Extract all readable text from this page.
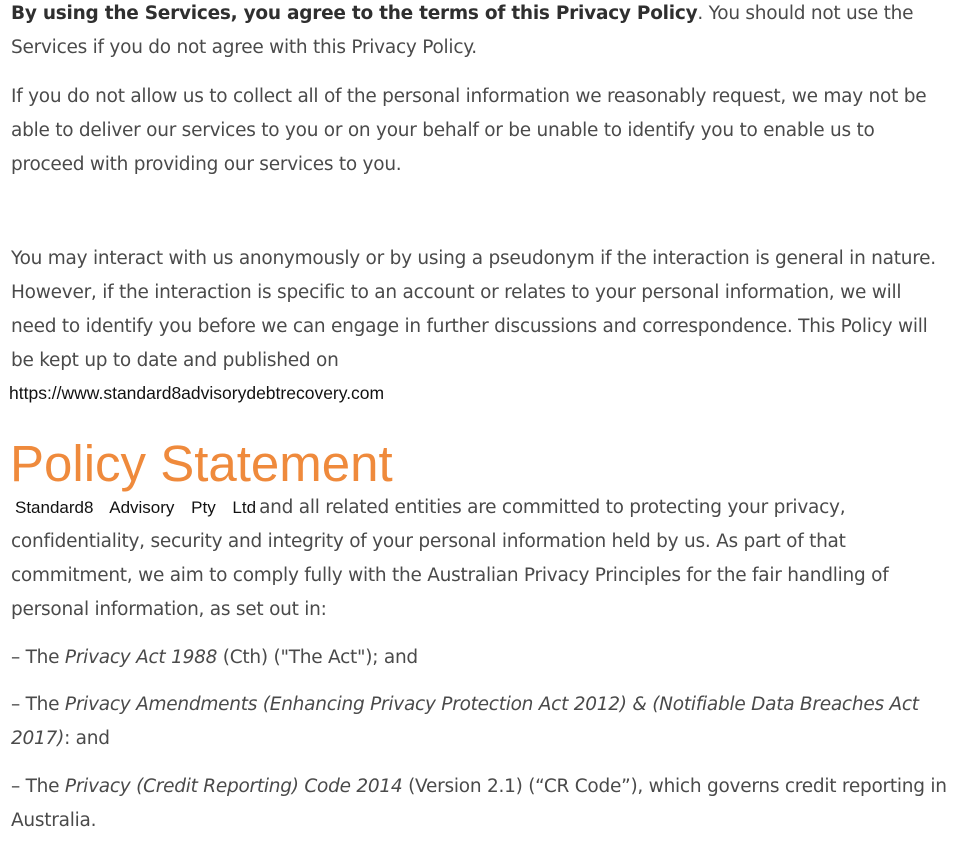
By using the Services, you agree to the terms of this Privacy Policy. You should not use the Services if you do not agree with this Privacy Policy.

If you do not allow us to collect all of the personal information we reasonably request, we may not be able to deliver our services to you or on your behalf or be unable to identify you to enable us to proceed with providing our services to you.

You may interact with us anonymously or by using a pseudonym if the interaction is general in nature. However, if the interaction is specific to an account or relates to your personal information, we will need to identify you before we can engage in further discussions and correspondence. This Policy will be kept up to date and published on

https://www.standard8advisorydebtrecovery.com
Policy Statement

Standard8 Advisory Pty Ltd and all related entities are committed to protecting your privacy, confidentiality, security and integrity of your personal information held by us. As part of that commitment, we aim to comply fully with the Australian Privacy Principles for the fair handling of personal information, as set out in:

– The Privacy Act 1988 (Cth) ("The Act"); and

– The Privacy Amendments (Enhancing Privacy Protection Act 2012) & (Notifiable Data Breaches Act 2017): and

– The Privacy (Credit Reporting) Code 2014 (Version 2.1) (“CR Code”), which governs credit reporting in Australia.
